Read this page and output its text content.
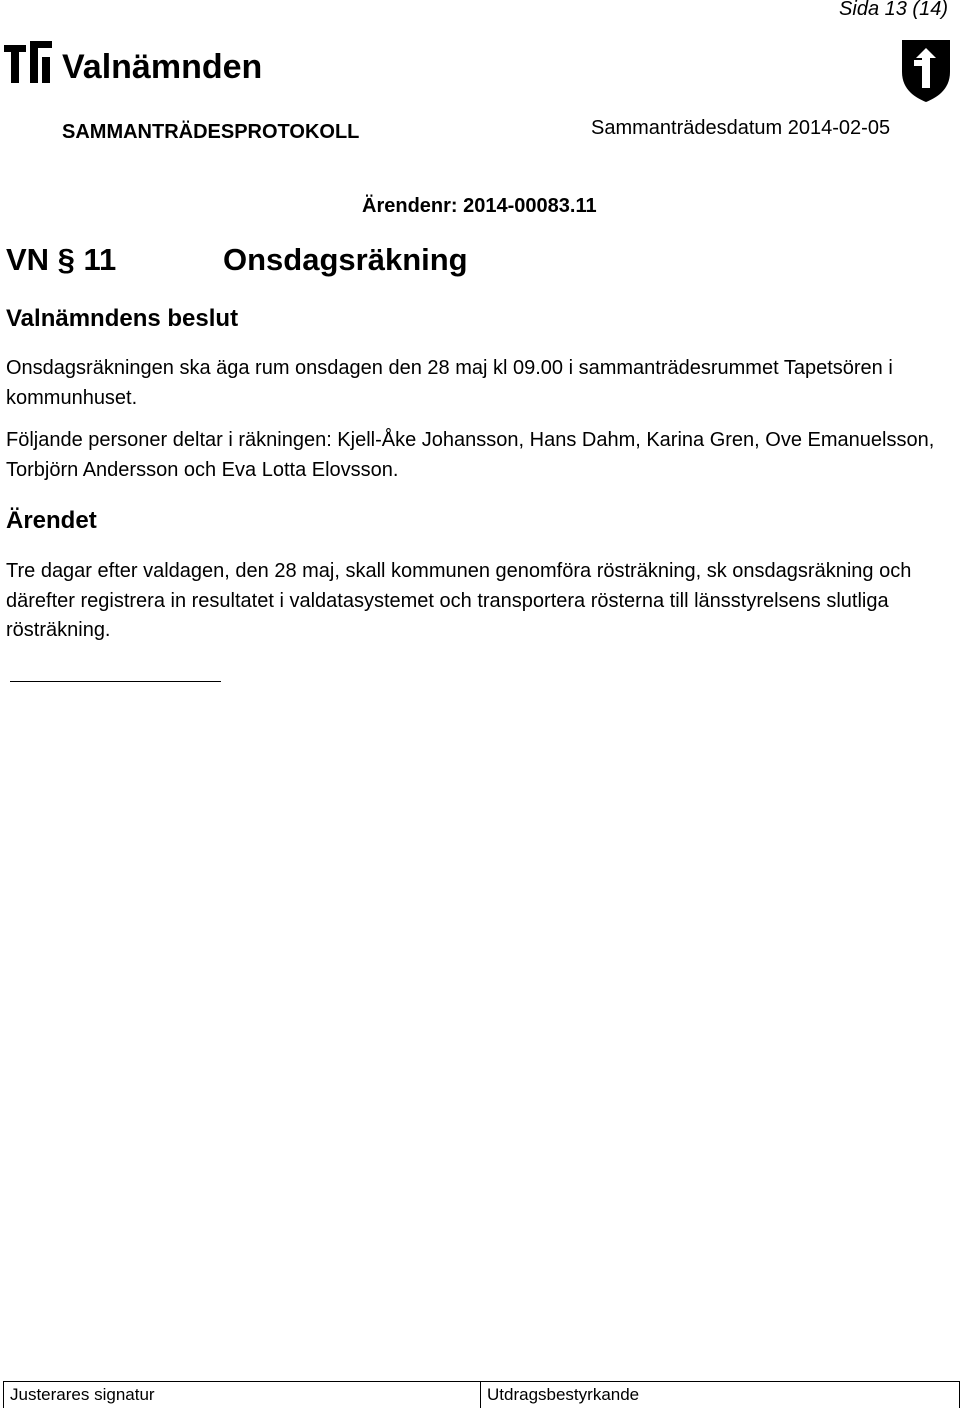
Sida 13 (14)
Valnämnden
SAMMANTRÄDESPROTOKOLL	Sammanträdesdatum 2014-02-05
Ärendenr: 2014-00083.11
VN § 11	Onsdagsräkning
Valnämndens beslut

Onsdagsräkningen ska äga rum onsdagen den 28 maj kl 09.00 i sammanträdesrummet Tapetsören i kommunhuset.

Följande personer deltar i räkningen: Kjell-Åke Johansson, Hans Dahm, Karina Gren, Ove Emanuelsson, Torbjörn Andersson och Eva Lotta Elovsson.

Ärendet

Tre dagar efter valdagen, den 28 maj, skall kommunen genomföra rösträkning, sk onsdagsräkning och därefter registrera in resultatet i valdatasystemet och transportera rösterna till länsstyrelsens slutliga rösträkning.

Justerares signatur	Utdragsbestyrkande
